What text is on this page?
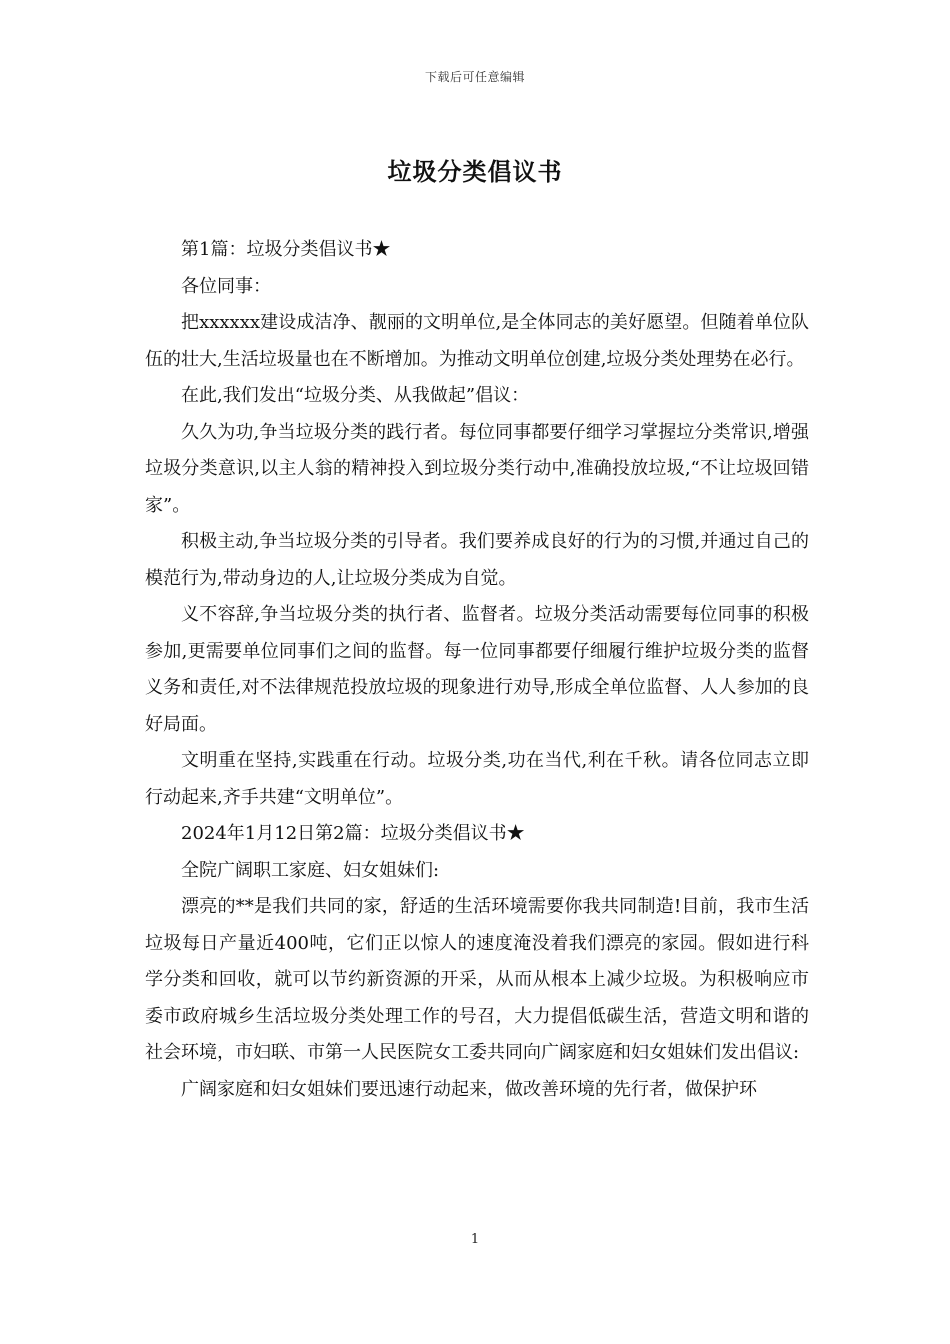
下载后可任意编辑
垃圾分类倡议书

第1篇：垃圾分类倡议书★

各位同事：

把xxxxxx建设成洁净、靓丽的文明单位,是全体同志的美好愿望。但随着单位队伍的壮大,生活垃圾量也在不断增加。为推动文明单位创建,垃圾分类处理势在必行。

在此,我们发出“垃圾分类、从我做起”倡议：

久久为功,争当垃圾分类的践行者。每位同事都要仔细学习掌握垃分类常识,增强垃圾分类意识,以主人翁的精神投入到垃圾分类行动中,准确投放垃圾,“不让垃圾回错家”。

积极主动,争当垃圾分类的引导者。我们要养成良好的行为的习惯,并通过自己的模范行为,带动身边的人,让垃圾分类成为自觉。

义不容辞,争当垃圾分类的执行者、监督者。垃圾分类活动需要每位同事的积极参加,更需要单位同事们之间的监督。每一位同事都要仔细履行维护垃圾分类的监督义务和责任,对不法律规范投放垃圾的现象进行劝导,形成全单位监督、人人参加的良好局面。

文明重在坚持,实践重在行动。垃圾分类,功在当代,利在千秋。请各位同志立即行动起来,齐手共建“文明单位”。

2024年1月12日第2篇：垃圾分类倡议书★

全院广阔职工家庭、妇女姐妹们:

漂亮的**是我们共同的家，舒适的生活环境需要你我共同制造!目前，我市生活垃圾每日产量近400吨，它们正以惊人的速度淹没着我们漂亮的家园。假如进行科学分类和回收，就可以节约新资源的开采，从而从根本上减少垃圾。为积极响应市委市政府城乡生活垃圾分类处理工作的号召，大力提倡低碳生活，营造文明和谐的社会环境，市妇联、市第一人民医院女工委共同向广阔家庭和妇女姐妹们发出倡议:

广阔家庭和妇女姐妹们要迅速行动起来，做改善环境的先行者，做保护环

1
